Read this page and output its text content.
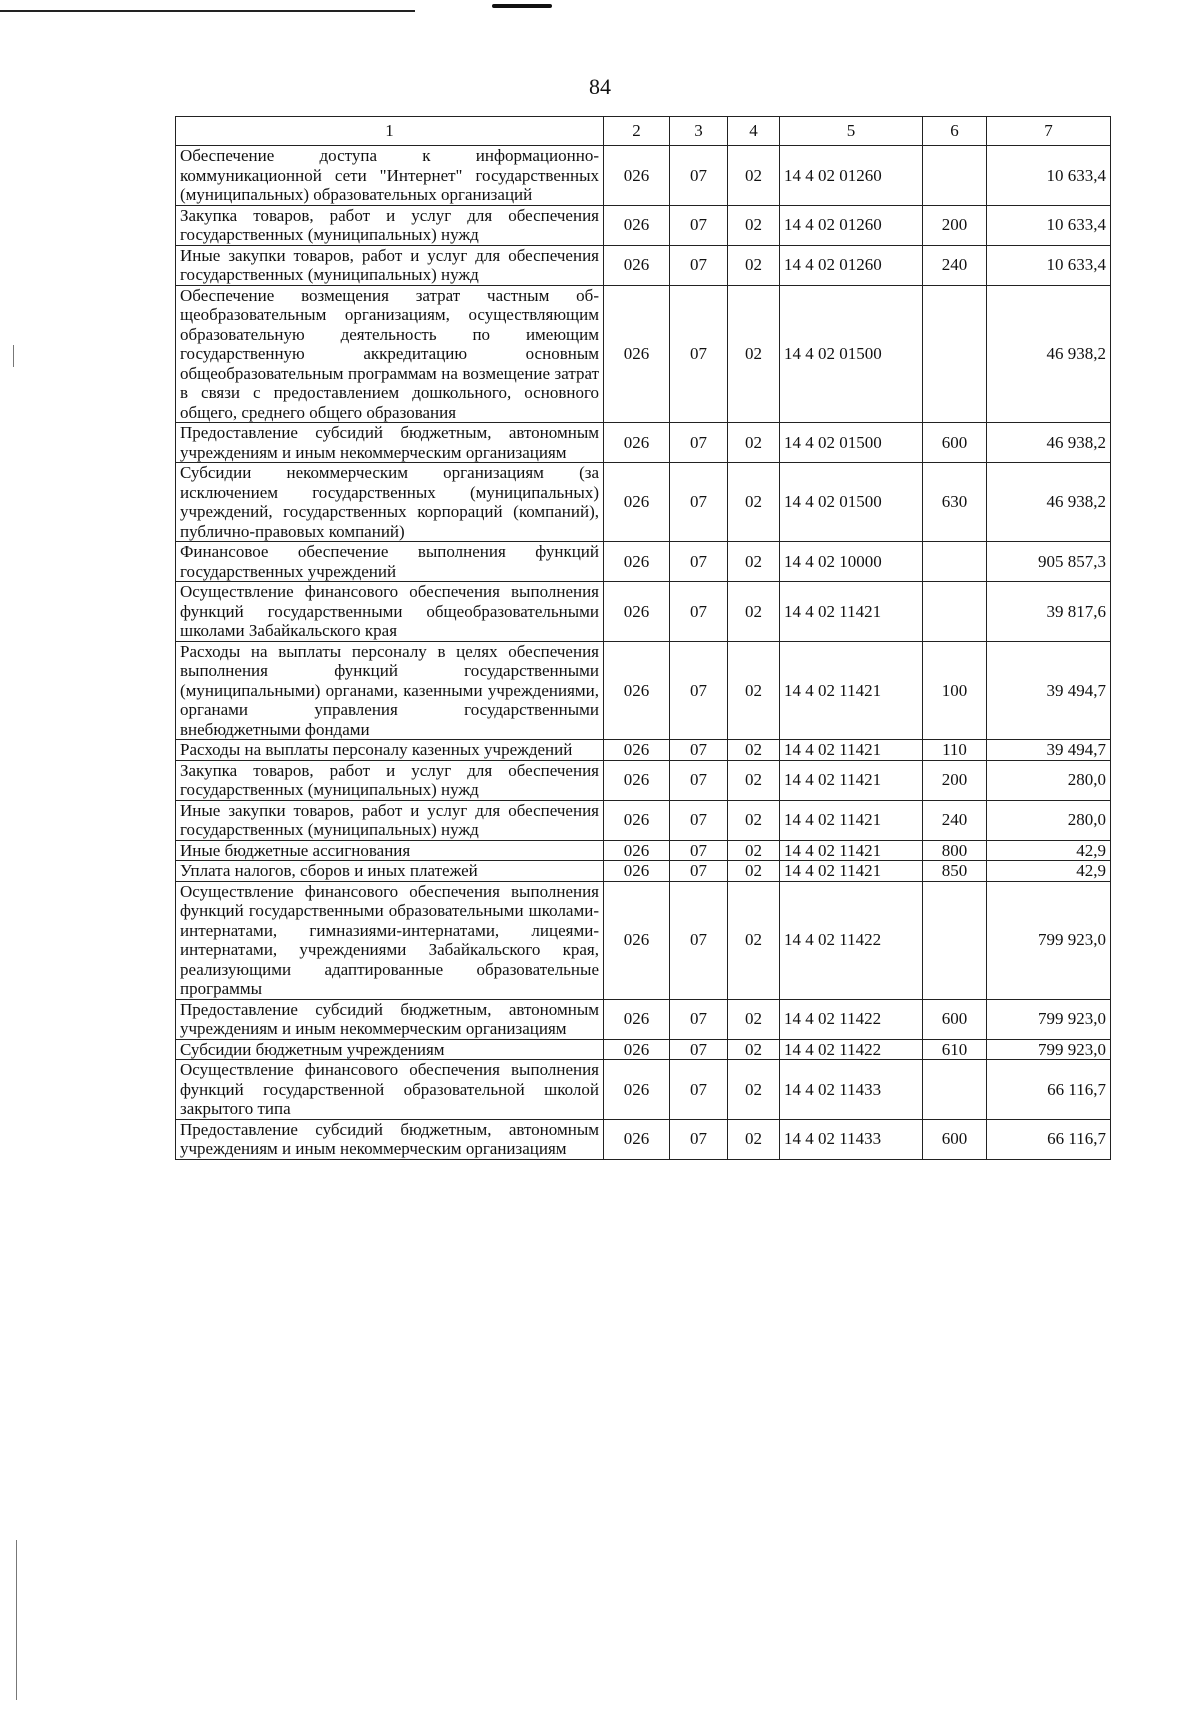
84
1	2	3	4	5	6	7
Обеспечение доступа к информационно-коммуникационной сети "Интернет" государственных (муниципальных) образовательных организаций	026	07	02	14 4 02 01260		10 633,4
Закупка товаров, работ и услуг для обеспечения государственных (муниципальных) нужд	026	07	02	14 4 02 01260	200	10 633,4
Иные закупки товаров, работ и услуг для обеспечения государственных (муниципальных) нужд	026	07	02	14 4 02 01260	240	10 633,4
Обеспечение возмещения затрат частным общеобразовательным организациям, осуществляющим образовательную деятельность по имеющим государственную аккредитацию основным общеобразовательным программам на возмещение затрат в связи с предоставлением дошкольного, основного общего, среднего общего образования	026	07	02	14 4 02 01500		46 938,2
Предоставление субсидий бюджетным, автономным учреждениям и иным некоммерческим организациям	026	07	02	14 4 02 01500	600	46 938,2
Субсидии некоммерческим организациям (за исключением государственных (муниципальных) учреждений, государственных корпораций (компаний), публично-правовых компаний)	026	07	02	14 4 02 01500	630	46 938,2
Финансовое обеспечение выполнения функций государственных учреждений	026	07	02	14 4 02 10000		905 857,3
Осуществление финансового обеспечения выполнения функций государственными общеобразовательными школами Забайкальского края	026	07	02	14 4 02 11421		39 817,6
Расходы на выплаты персоналу в целях обеспечения выполнения функций государственными (муниципальными) органами, казенными учреждениями, органами управления государственными внебюджетными фондами	026	07	02	14 4 02 11421	100	39 494,7
Расходы на выплаты персоналу казенных учреждений	026	07	02	14 4 02 11421	110	39 494,7
Закупка товаров, работ и услуг для обеспечения государственных (муниципальных) нужд	026	07	02	14 4 02 11421	200	280,0
Иные закупки товаров, работ и услуг для обеспечения государственных (муниципальных) нужд	026	07	02	14 4 02 11421	240	280,0
Иные бюджетные ассигнования	026	07	02	14 4 02 11421	800	42,9
Уплата налогов, сборов и иных платежей	026	07	02	14 4 02 11421	850	42,9
Осуществление финансового обеспечения выполнения функций государственными образовательными школами-интернатами, гимназиями-интернатами, лицеями-интернатами, учреждениями Забайкальского края, реализующими адаптированные образовательные программы	026	07	02	14 4 02 11422		799 923,0
Предоставление субсидий бюджетным, автономным учреждениям и иным некоммерческим организациям	026	07	02	14 4 02 11422	600	799 923,0
Субсидии бюджетным учреждениям	026	07	02	14 4 02 11422	610	799 923,0
Осуществление финансового обеспечения выполнения функций государственной образовательной школой закрытого типа	026	07	02	14 4 02 11433		66 116,7
Предоставление субсидий бюджетным, автономным учреждениям и иным некоммерческим организациям	026	07	02	14 4 02 11433	600	66 116,7
